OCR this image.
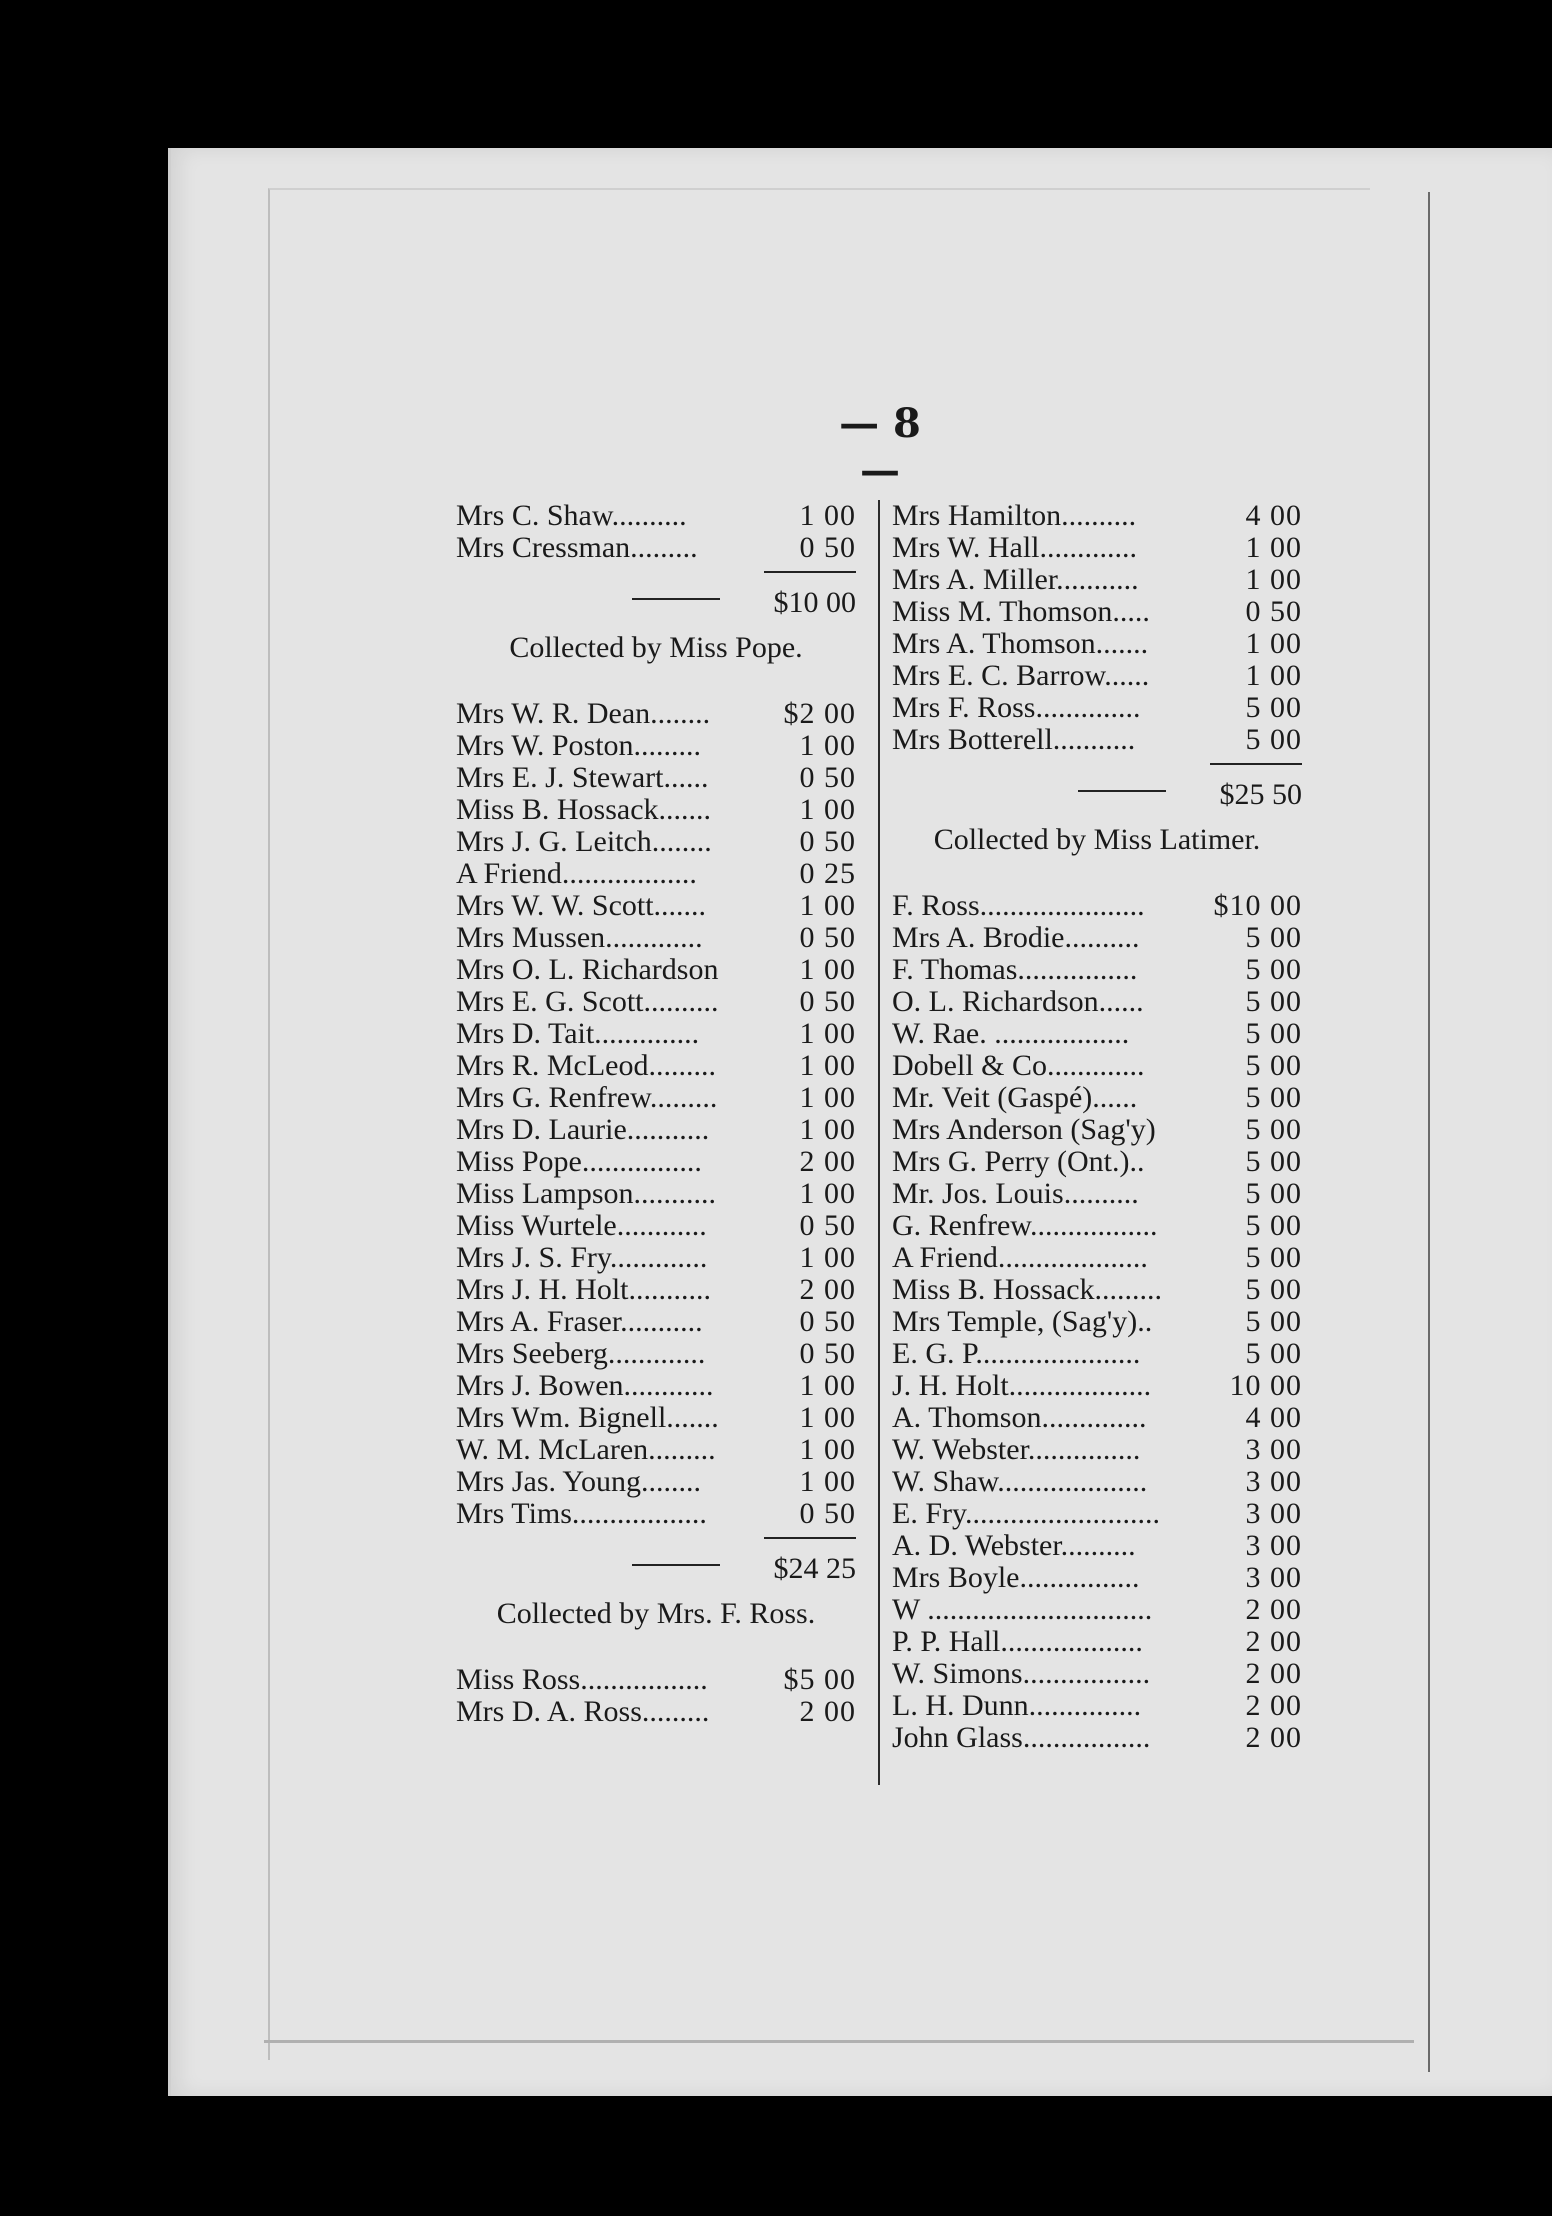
— 8 —
Mrs C. Shaw..........	1 00
Mrs Cressman.........	0 50
$10 00
Collected by Miss Pope.
Mrs W. R. Dean........	$2 00
Mrs W. Poston.........	1 00
Mrs E. J. Stewart......	0 50
Miss B. Hossack.......	1 00
Mrs J. G. Leitch........	0 50
A Friend..................	0 25
Mrs W. W. Scott.......	1 00
Mrs Mussen.............	0 50
Mrs O. L. Richardson	1 00
Mrs E. G. Scott..........	0 50
Mrs D. Tait..............	1 00
Mrs R. McLeod.........	1 00
Mrs G. Renfrew.........	1 00
Mrs D. Laurie...........	1 00
Miss Pope................	2 00
Miss Lampson...........	1 00
Miss Wurtele............	0 50
Mrs J. S. Fry.............	1 00
Mrs J. H. Holt...........	2 00
Mrs A. Fraser...........	0 50
Mrs Seeberg.............	0 50
Mrs J. Bowen............	1 00
Mrs Wm. Bignell.......	1 00
W. M. McLaren.........	1 00
Mrs Jas. Young........	1 00
Mrs Tims..................	0 50
$24 25
Collected by Mrs. F. Ross.
Miss Ross.................	$5 00
Mrs D. A. Ross.........	2 00
Mrs Hamilton..........	4 00
Mrs W. Hall.............	1 00
Mrs A. Miller...........	1 00
Miss M. Thomson.....	0 50
Mrs A. Thomson.......	1 00
Mrs E. C. Barrow......	1 00
Mrs F. Ross..............	5 00
Mrs Botterell...........	5 00
$25 50
Collected by Miss Latimer.
F. Ross......................	$10 00
Mrs A. Brodie..........	5 00
F. Thomas................	5 00
O. L. Richardson......	5 00
W. Rae. ..................	5 00
Dobell & Co.............	5 00
Mr. Veit (Gaspé)......	5 00
Mrs Anderson (Sag'y)	5 00
Mrs G. Perry (Ont.)..	5 00
Mr. Jos. Louis..........	5 00
G. Renfrew.................	5 00
A Friend....................	5 00
Miss B. Hossack.........	5 00
Mrs Temple, (Sag'y)..	5 00
E. G. P......................	5 00
J. H. Holt...................	10 00
A. Thomson..............	4 00
W. Webster...............	3 00
W. Shaw....................	3 00
E. Fry..........................	3 00
A. D. Webster..........	3 00
Mrs Boyle................	3 00
W ..............................	2 00
P. P. Hall...................	2 00
W. Simons.................	2 00
L. H. Dunn...............	2 00
John Glass.................	2 00
